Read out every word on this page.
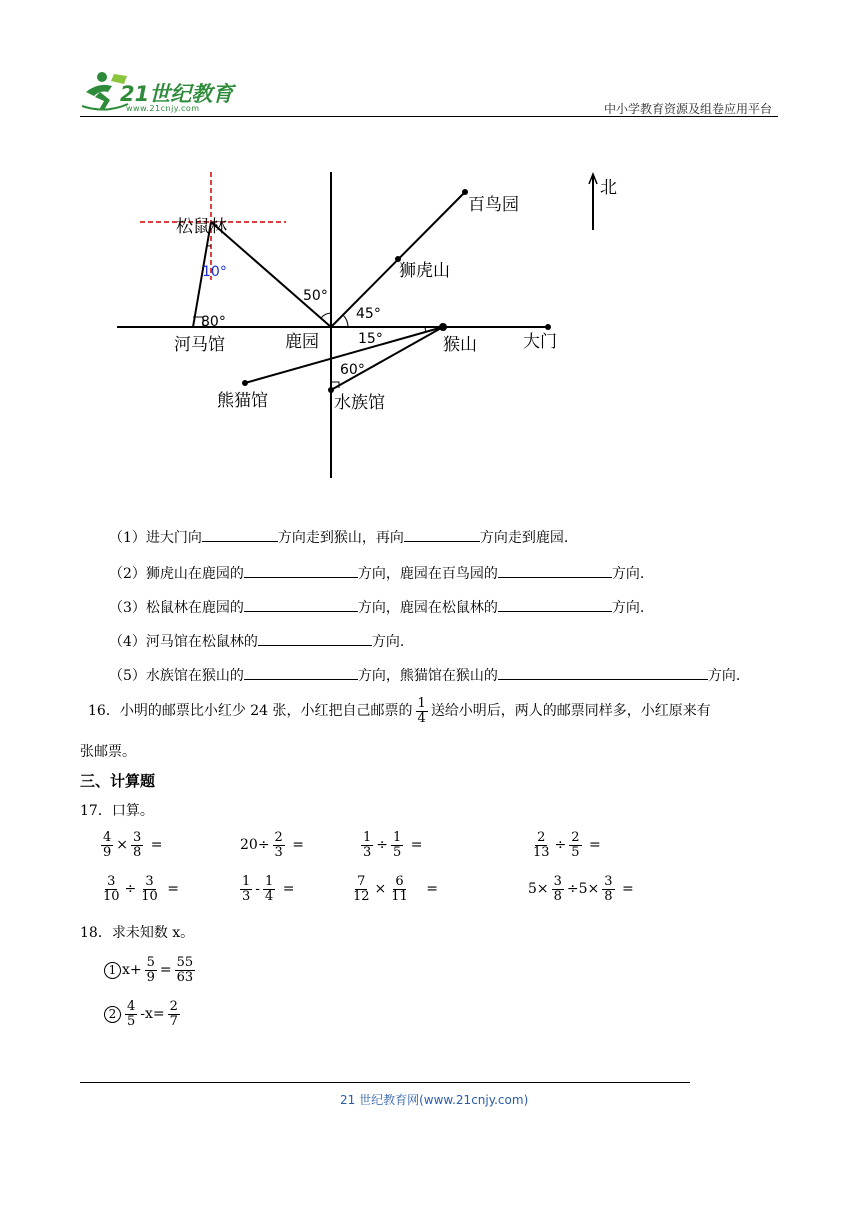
21世纪教育
www.21cnjy.com	中小学教育资源及组卷应用平台
10°
80°
50°
45°
15°
60°
松鼠林
百鸟园
狮虎山
河马馆	鹿园	猴山	大门
熊猫馆	水族馆
北
（1）进大门向	方向走到猴山，再向	方向走到鹿园.
（2）狮虎山在鹿园的	方向，鹿园在百鸟园的	方向.
（3）松鼠林在鹿园的	方向，鹿园在松鼠林的	方向.
（4）河马馆在松鼠林的	方向.
（5）水族馆在猴山的	方向，熊猫馆在猴山的	方向.
16．小明的邮票比小红少 24 张，小红把自己邮票的 $\frac{1}{4}$ 送给小明后，两人的邮票同样多，小红原来有
张邮票。
三、计算题
17．口算。
$\frac{4}{9} \times \frac{3}{8}$ =	$20\div \frac{2}{3}$ =	$\frac{1}{3} \div \frac{1}{5}$ =	$\frac{2}{13} \div \frac{2}{5}$ =
$\frac{3}{10} \div \frac{3}{10}$ =	$\frac{1}{3} - \frac{1}{4}$ =	$\frac{7}{12} \times \frac{6}{11}$ =	$5\times \frac{3}{8} \div 5\times \frac{3}{8}$ =
18．求未知数 x。
1 $x+ \frac{5}{9} = \frac{55}{63}$
$2 \frac{4}{5} -x= \frac{2}{7}$
21 世纪教育网(www.21cnjy.com)
